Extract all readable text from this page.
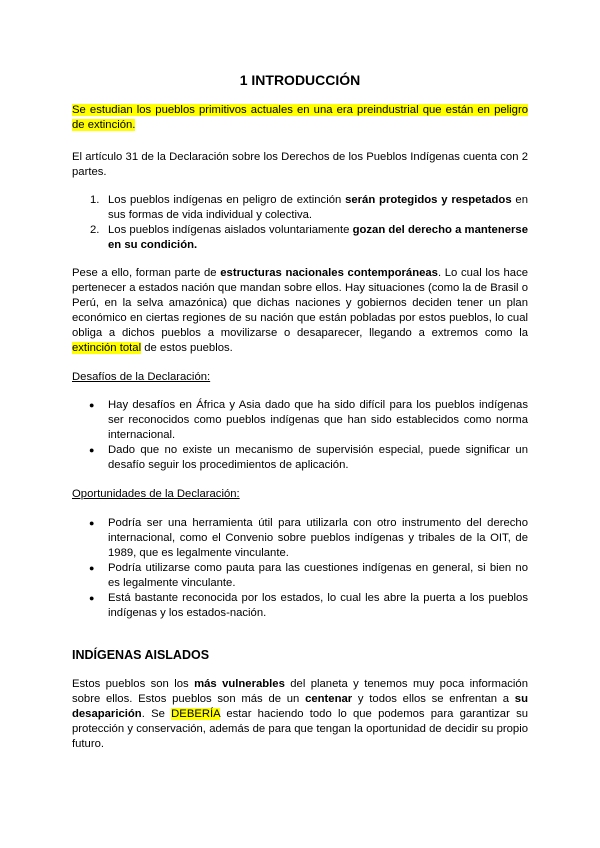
1 INTRODUCCIÓN

Se estudian los pueblos primitivos actuales en una era preindustrial que están en peligro de extinción.

El artículo 31 de la Declaración sobre los Derechos de los Pueblos Indígenas cuenta con 2 partes.

1. Los pueblos indígenas en peligro de extinción serán protegidos y respetados en sus formas de vida individual y colectiva.
2. Los pueblos indígenas aislados voluntariamente gozan del derecho a mantenerse en su condición.

Pese a ello, forman parte de estructuras nacionales contemporáneas. Lo cual los hace pertenecer a estados nación que mandan sobre ellos. Hay situaciones (como la de Brasil o Perú, en la selva amazónica) que dichas naciones y gobiernos deciden tener un plan económico en ciertas regiones de su nación que están pobladas por estos pueblos, lo cual obliga a dichos pueblos a movilizarse o desaparecer, llegando a extremos como la extinción total de estos pueblos.

Desafíos de la Declaración:

● Hay desafíos en África y Asia dado que ha sido difícil para los pueblos indígenas ser reconocidos como pueblos indígenas que han sido establecidos como norma internacional.
● Dado que no existe un mecanismo de supervisión especial, puede significar un desafío seguir los procedimientos de aplicación.

Oportunidades de la Declaración:

● Podría ser una herramienta útil para utilizarla con otro instrumento del derecho internacional, como el Convenio sobre pueblos indígenas y tribales de la OIT, de 1989, que es legalmente vinculante.
● Podría utilizarse como pauta para las cuestiones indígenas en general, si bien no es legalmente vinculante.
● Está bastante reconocida por los estados, lo cual les abre la puerta a los pueblos indígenas y los estados-nación.
INDÍGENAS AISLADOS

Estos pueblos son los más vulnerables del planeta y tenemos muy poca información sobre ellos. Estos pueblos son más de un centenar y todos ellos se enfrentan a su desaparición. Se DEBERÍA estar haciendo todo lo que podemos para garantizar su protección y conservación, además de para que tengan la oportunidad de decidir su propio futuro.
